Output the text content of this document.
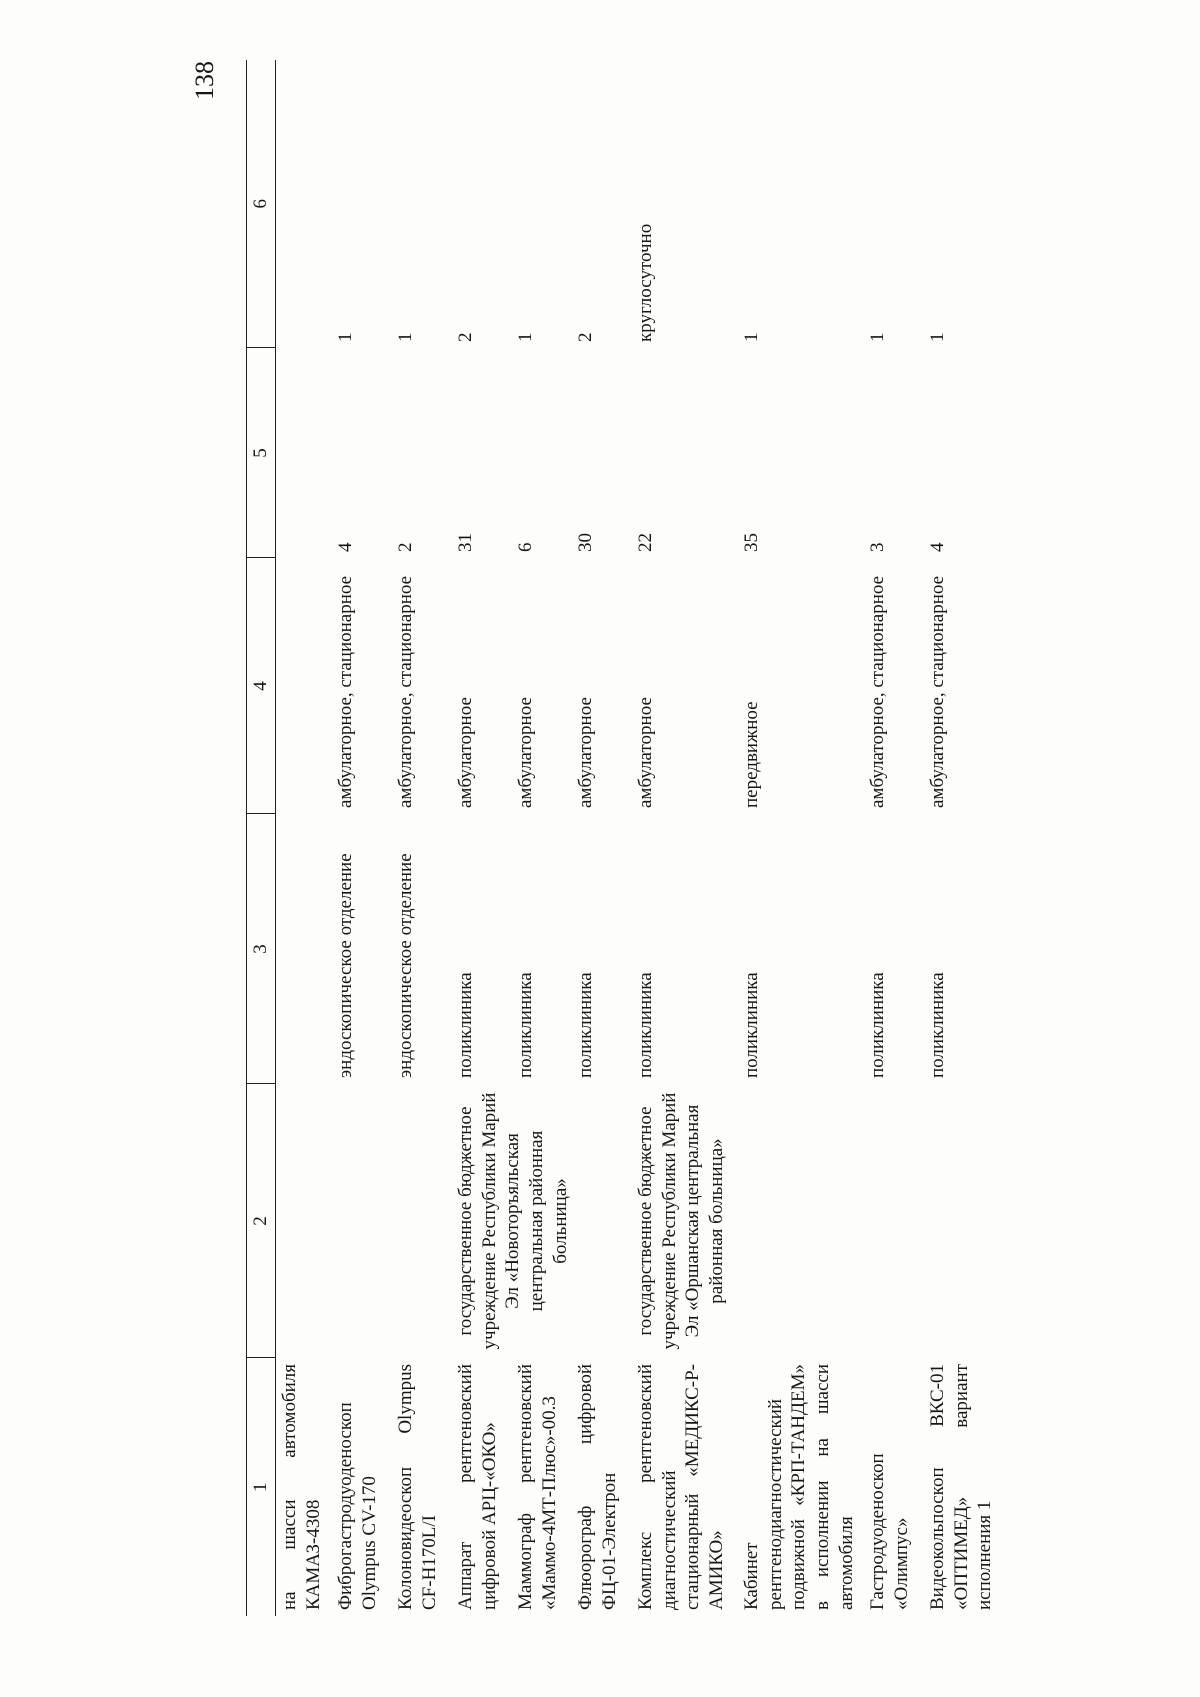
138
1	2	3	4	5	6
на шасси автомобиля КАМАЗ-4308					
Фиброгастродуоденоскоп Olympus CV-170		эндоскопическое отделение	амбулаторное, стационарное	4	1
Колоновидеоскоп Olympus CF-H170L/I		эндоскопическое отделение	амбулаторное, стационарное	2	1
Аппарат рентгеновский цифровой АРЦ-«ОКО»	государственное бюджетное учреждение Республики Марий Эл «Новоторъяльская центральная районная больница»	поликлиника	амбулаторное	31	2
Маммограф рентгеновский «Маммо-4МТ-Плюс»-00.3		поликлиника	амбулаторное	6	1
Флюорограф цифровой ФЦ-01-Электрон		поликлиника	амбулаторное	30	2
Комплекс рентгеновский диагностический стационарный «МЕДИКС-Р-АМИКО»	государственное бюджетное учреждение Республики Марий Эл «Оршанская центральная районная больница»	поликлиника	амбулаторное	22	круглосуточно
Кабинет рентгенодиагностический подвижной «КРП-ТАНДЕМ» в исполнении на шасси автомобиля		поликлиника	передвижное	35	1
Гастродуоденоскоп «Олимпус»		поликлиника	амбулаторное, стационарное	3	1
Видеокольпоскоп ВКС-01 «ОПТИМЕД» вариант исполнения 1		поликлиника	амбулаторное, стационарное	4	1
